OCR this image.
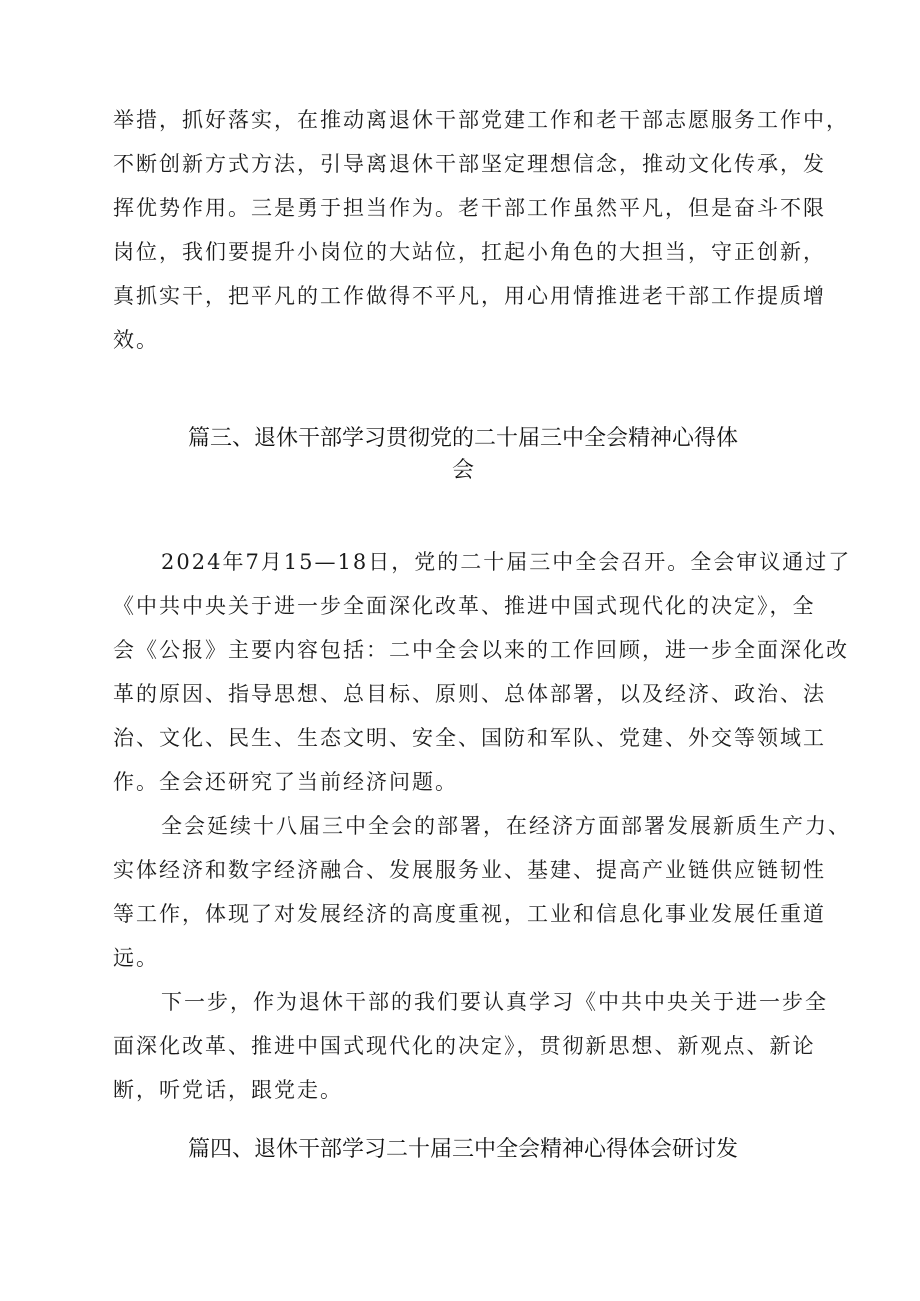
举措，抓好落实，在推动离退休干部党建工作和老干部志愿服务工作中，
不断创新方式方法，引导离退休干部坚定理想信念，推动文化传承，发
挥优势作用。三是勇于担当作为。老干部工作虽然平凡，但是奋斗不限
岗位，我们要提升小岗位的大站位，扛起小角色的大担当，守正创新，
真抓实干，把平凡的工作做得不平凡，用心用情推进老干部工作提质增
效。
篇三、退休干部学习贯彻党的二十届三中全会精神心得体
会
2024年7月15—18日，党的二十届三中全会召开。全会审议通过了
《中共中央关于进一步全面深化改革、推进中国式现代化的决定》，全
会《公报》主要内容包括：二中全会以来的工作回顾，进一步全面深化改
革的原因、指导思想、总目标、原则、总体部署，以及经济、政治、法
治、文化、民生、生态文明、安全、国防和军队、党建、外交等领域工
作。全会还研究了当前经济问题。
全会延续十八届三中全会的部署，在经济方面部署发展新质生产力、
实体经济和数字经济融合、发展服务业、基建、提高产业链供应链韧性
等工作，体现了对发展经济的高度重视，工业和信息化事业发展任重道
远。
下一步，作为退休干部的我们要认真学习《中共中央关于进一步全
面深化改革、推进中国式现代化的决定》，贯彻新思想、新观点、新论
断，听党话，跟党走。
篇四、退休干部学习二十届三中全会精神心得体会研讨发
